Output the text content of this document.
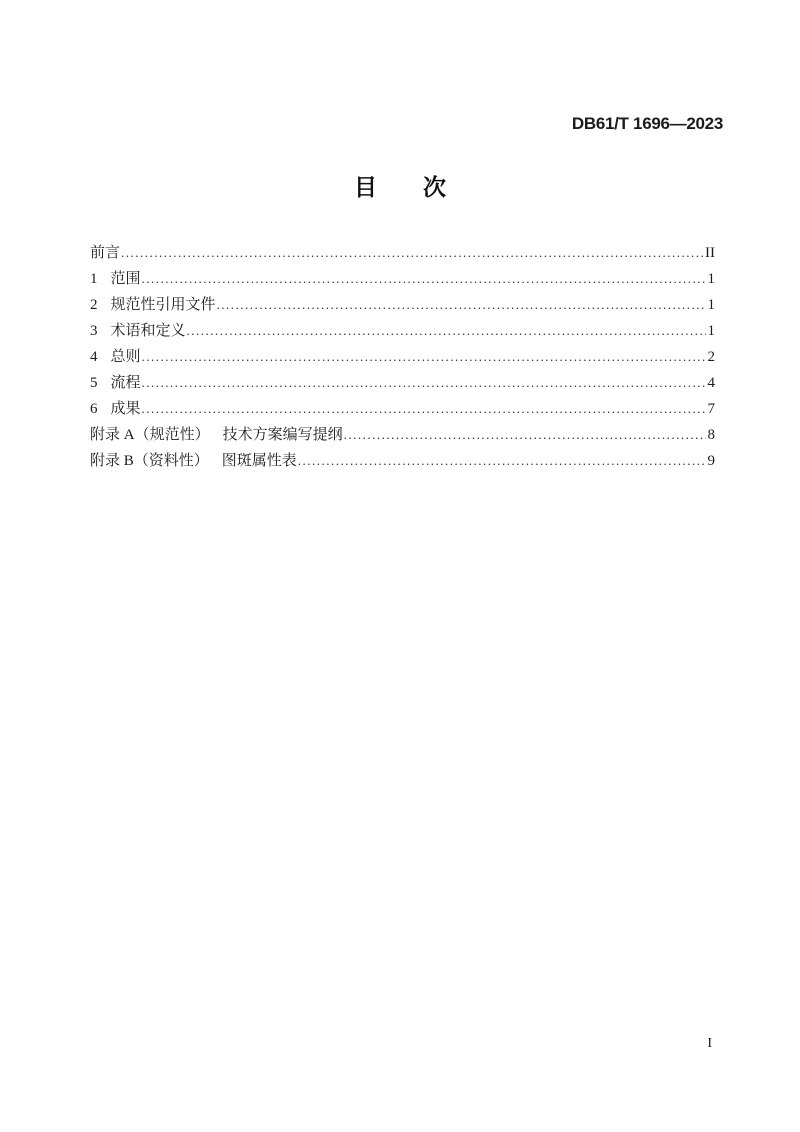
DB61/T 1696—2023

目　　次
前言 .....	II
1 范围 .....	1
2 规范性引用文件 .....	1
3 术语和定义 .....	1
4 总则 .....	2
5 流程 .....	4
6 成果 .....	7
附录 A（规范性） 技术方案编写提纲 .....	8
附录 B（资料性） 图斑属性表 .....	9
I
